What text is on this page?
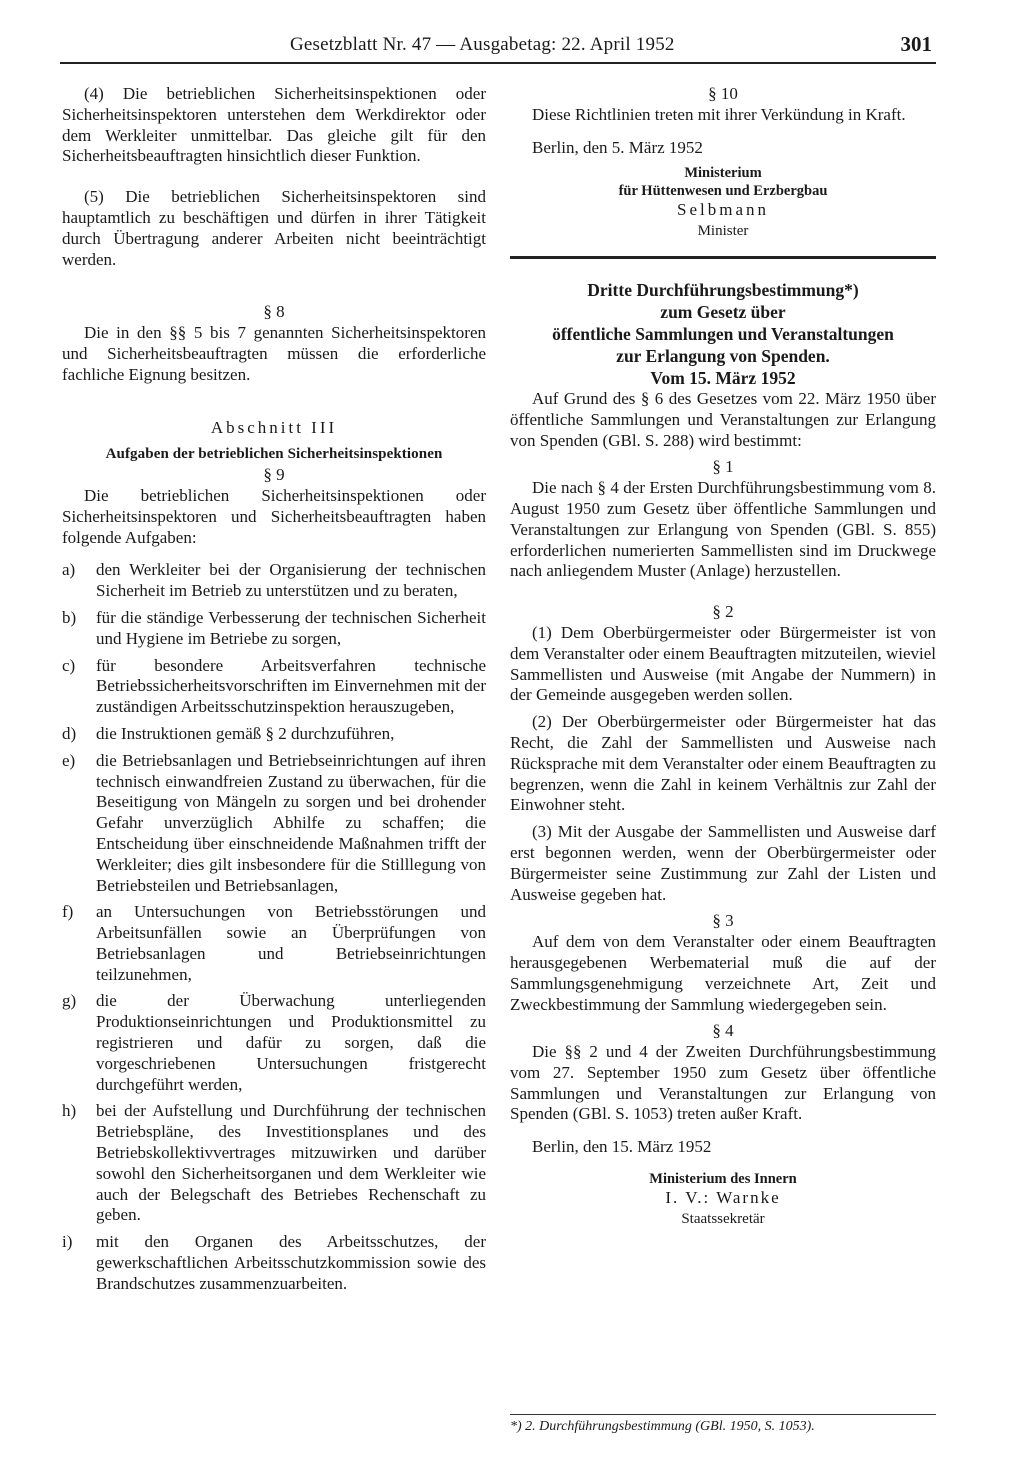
Gesetzblatt Nr. 47 — Ausgabetag: 22. April 1952	301

(4) Die betrieblichen Sicherheitsinspektionen oder Sicherheitsinspektoren unterstehen dem Werkdirektor oder dem Werkleiter unmittelbar. Das gleiche gilt für den Sicherheitsbeauftragten hinsichtlich dieser Funktion.

(5) Die betrieblichen Sicherheitsinspektoren sind hauptamtlich zu beschäftigen und dürfen in ihrer Tätigkeit durch Übertragung anderer Arbeiten nicht beeinträchtigt werden.

§ 8

Die in den §§ 5 bis 7 genannten Sicherheitsinspektoren und Sicherheitsbeauftragten müssen die erforderliche fachliche Eignung besitzen.

Abschnitt III

Aufgaben der betrieblichen Sicherheitsinspektionen

§ 9

Die betrieblichen Sicherheitsinspektionen oder Sicherheitsinspektoren und Sicherheitsbeauftragten haben folgende Aufgaben:

a)	den Werkleiter bei der Organisierung der technischen Sicherheit im Betrieb zu unterstützen und zu beraten,
b)	für die ständige Verbesserung der technischen Sicherheit und Hygiene im Betriebe zu sorgen,
c)	für besondere Arbeitsverfahren technische Betriebssicherheitsvorschriften im Einvernehmen mit der zuständigen Arbeitsschutzinspektion herauszugeben,
d)	die Instruktionen gemäß § 2 durchzuführen,
e)	die Betriebsanlagen und Betriebseinrichtungen auf ihren technisch einwandfreien Zustand zu überwachen, für die Beseitigung von Mängeln zu sorgen und bei drohender Gefahr unverzüglich Abhilfe zu schaffen; die Entscheidung über einschneidende Maßnahmen trifft der Werkleiter; dies gilt insbesondere für die Stilllegung von Betriebsteilen und Betriebsanlagen,
f)	an Untersuchungen von Betriebsstörungen und Arbeitsunfällen sowie an Überprüfungen von Betriebsanlagen und Betriebseinrichtungen teilzunehmen,
g)	die der Überwachung unterliegenden Produktionseinrichtungen und Produktionsmittel zu registrieren und dafür zu sorgen, daß die vorgeschriebenen Untersuchungen fristgerecht durchgeführt werden,
h)	bei der Aufstellung und Durchführung der technischen Betriebspläne, des Investitionsplanes und des Betriebskollektivvertrages mitzuwirken und darüber sowohl den Sicherheitsorganen und dem Werkleiter wie auch der Belegschaft des Betriebes Rechenschaft zu geben.
i)	mit den Organen des Arbeitsschutzes, der gewerkschaftlichen Arbeitsschutzkommission sowie des Brandschutzes zusammenzuarbeiten.

§ 10

Diese Richtlinien treten mit ihrer Verkündung in Kraft.

Berlin, den 5. März 1952

Ministerium

für Hüttenwesen und Erzbergbau

Selbmann

Minister

Dritte Durchführungsbestimmung*)

zum Gesetz über

öffentliche Sammlungen und Veranstaltungen

zur Erlangung von Spenden.

Vom 15. März 1952

Auf Grund des § 6 des Gesetzes vom 22. März 1950 über öffentliche Sammlungen und Veranstaltungen zur Erlangung von Spenden (GBl. S. 288) wird bestimmt:

§ 1

Die nach § 4 der Ersten Durchführungsbestimmung vom 8. August 1950 zum Gesetz über öffentliche Sammlungen und Veranstaltungen zur Erlangung von Spenden (GBl. S. 855) erforderlichen numerierten Sammellisten sind im Druckwege nach anliegendem Muster (Anlage) herzustellen.

§ 2

(1) Dem Oberbürgermeister oder Bürgermeister ist von dem Veranstalter oder einem Beauftragten mitzuteilen, wieviel Sammellisten und Ausweise (mit Angabe der Nummern) in der Gemeinde ausgegeben werden sollen.

(2) Der Oberbürgermeister oder Bürgermeister hat das Recht, die Zahl der Sammellisten und Ausweise nach Rücksprache mit dem Veranstalter oder einem Beauftragten zu begrenzen, wenn die Zahl in keinem Verhältnis zur Zahl der Einwohner steht.

(3) Mit der Ausgabe der Sammellisten und Ausweise darf erst begonnen werden, wenn der Oberbürgermeister oder Bürgermeister seine Zustimmung zur Zahl der Listen und Ausweise gegeben hat.

§ 3

Auf dem von dem Veranstalter oder einem Beauftragten herausgegebenen Werbematerial muß die auf der Sammlungsgenehmigung verzeichnete Art, Zeit und Zweckbestimmung der Sammlung wiedergegeben sein.

§ 4

Die §§ 2 und 4 der Zweiten Durchführungsbestimmung vom 27. September 1950 zum Gesetz über öffentliche Sammlungen und Veranstaltungen zur Erlangung von Spenden (GBl. S. 1053) treten außer Kraft.

Berlin, den 15. März 1952

Ministerium des Innern

I. V.: Warnke

Staatssekretär

*) 2. Durchführungsbestimmung (GBl. 1950, S. 1053).
